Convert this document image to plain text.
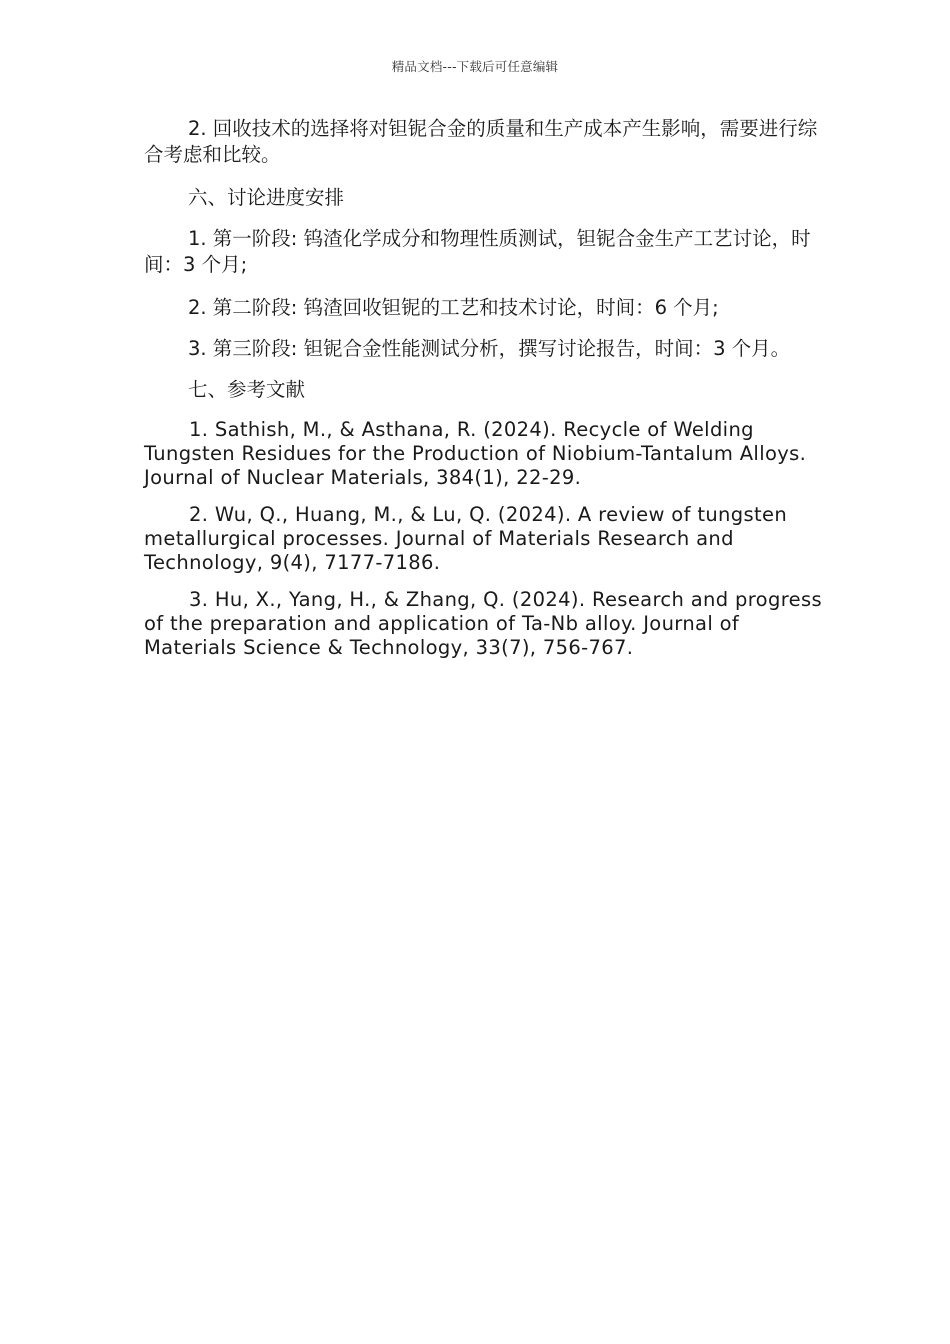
精品文档---下载后可任意编辑

2. 回收技术的选择将对钽铌合金的质量和生产成本产生影响，需要进行综合考虑和比较。

六、讨论进度安排

1. 第一阶段: 钨渣化学成分和物理性质测试，钽铌合金生产工艺讨论，时间：3 个月;

2. 第二阶段: 钨渣回收钽铌的工艺和技术讨论，时间：6 个月;

3. 第三阶段: 钽铌合金性能测试分析，撰写讨论报告，时间：3 个月。

七、参考文献

1. Sathish, M., & Asthana, R. (2024). Recycle of Welding Tungsten Residues for the Production of Niobium-Tantalum Alloys. Journal of Nuclear Materials, 384(1), 22-29.

2. Wu, Q., Huang, M., & Lu, Q. (2024). A review of tungsten metallurgical processes. Journal of Materials Research and Technology, 9(4), 7177-7186.

3. Hu, X., Yang, H., & Zhang, Q. (2024). Research and progress of the preparation and application of Ta-Nb alloy. Journal of Materials Science & Technology, 33(7), 756-767.
